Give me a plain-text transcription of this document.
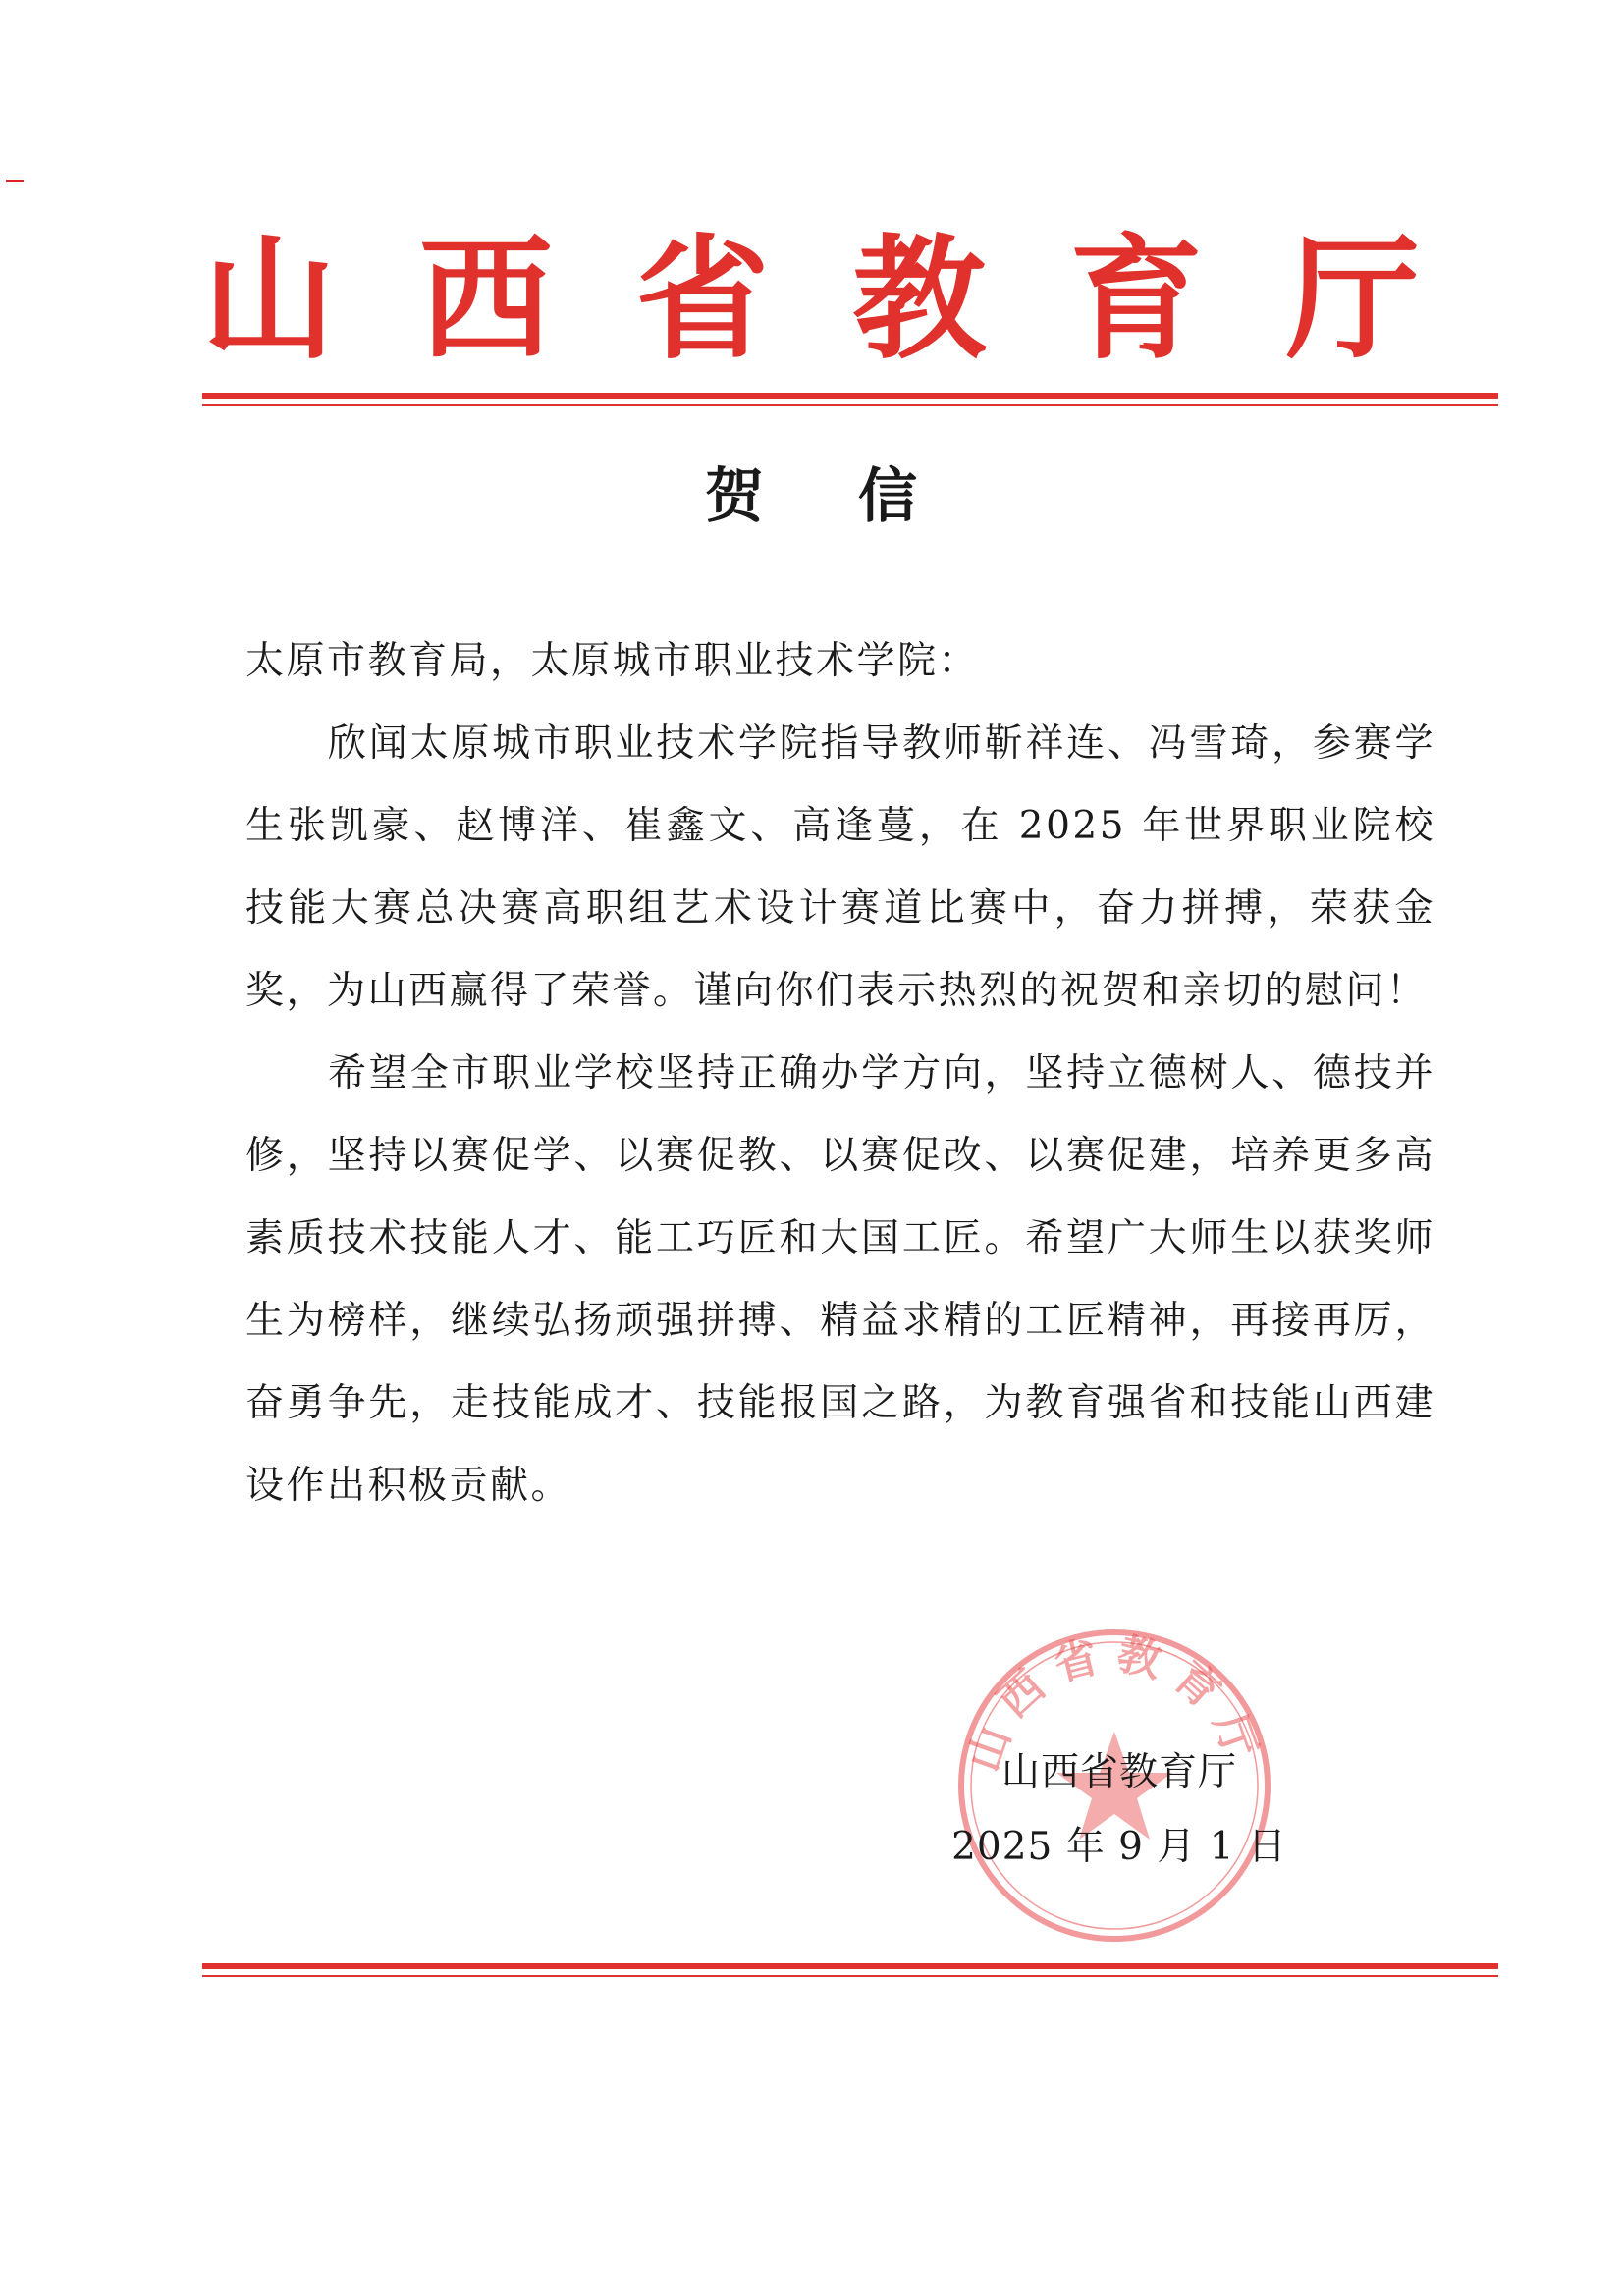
山 西 省 教 育 厅
贺信

太原市教育局，太原城市职业技术学院：

欣闻太原城市职业技术学院指导教师靳祥连、冯雪琦，参赛学生张凯豪、赵博洋、崔鑫文、高逢蔓，在 2025 年世界职业院校技能大赛总决赛高职组艺术设计赛道比赛中，奋力拼搏，荣获金奖，为山西赢得了荣誉。谨向你们表示热烈的祝贺和亲切的慰问！

希望全市职业学校坚持正确办学方向，坚持立德树人、德技并修，坚持以赛促学、以赛促教、以赛促改、以赛促建，培养更多高素质技术技能人才、能工巧匠和大国工匠。希望广大师生以获奖师生为榜样，继续弘扬顽强拼搏、精益求精的工匠精神，再接再厉，奋勇争先，走技能成才、技能报国之路，为教育强省和技能山西建设作出积极贡献。

山西省教育厅
山西省教育厅
2025 年 9 月 1 日
